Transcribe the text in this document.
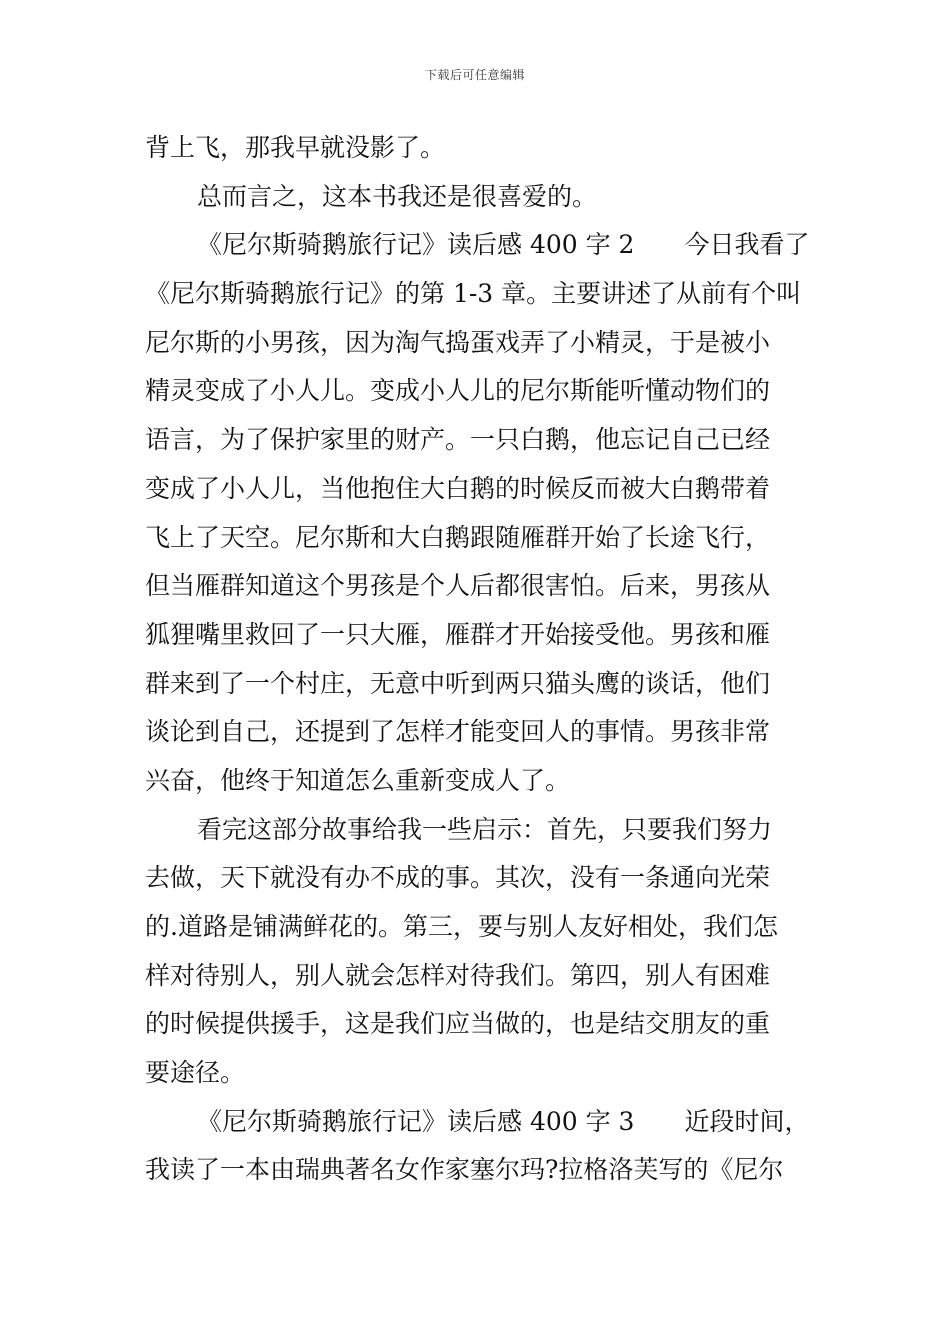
下载后可任意编辑
背上飞，那我早就没影了。
总而言之，这本书我还是很喜爱的。
《尼尔斯骑鹅旅行记》读后感 400 字 2　　今日我看了
《尼尔斯骑鹅旅行记》的第 1-3 章。主要讲述了从前有个叫
尼尔斯的小男孩，因为淘气捣蛋戏弄了小精灵，于是被小
精灵变成了小人儿。变成小人儿的尼尔斯能听懂动物们的
语言，为了保护家里的财产。一只白鹅，他忘记自己已经
变成了小人儿，当他抱住大白鹅的时候反而被大白鹅带着
飞上了天空。尼尔斯和大白鹅跟随雁群开始了长途飞行，
但当雁群知道这个男孩是个人后都很害怕。后来，男孩从
狐狸嘴里救回了一只大雁，雁群才开始接受他。男孩和雁
群来到了一个村庄，无意中听到两只猫头鹰的谈话，他们
谈论到自己，还提到了怎样才能变回人的事情。男孩非常
兴奋，他终于知道怎么重新变成人了。
看完这部分故事给我一些启示：首先，只要我们努力
去做，天下就没有办不成的事。其次，没有一条通向光荣
的.道路是铺满鲜花的。第三，要与别人友好相处，我们怎
样对待别人，别人就会怎样对待我们。第四，别人有困难
的时候提供援手，这是我们应当做的，也是结交朋友的重
要途径。
《尼尔斯骑鹅旅行记》读后感 400 字 3　　近段时间，
我读了一本由瑞典著名女作家塞尔玛?拉格洛芙写的《尼尔
